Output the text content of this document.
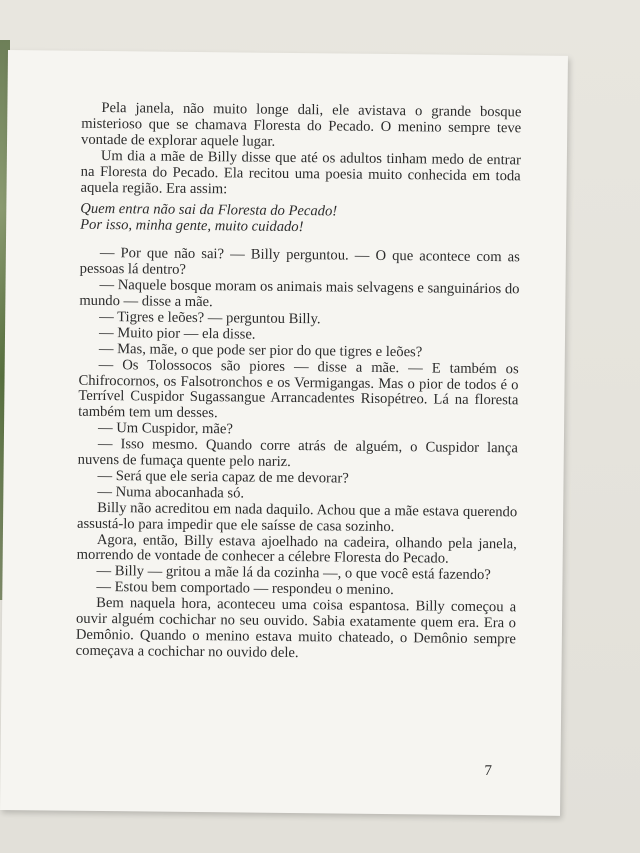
Pela janela, não muito longe dali, ele avistava o grande bosque misterioso que se chamava Floresta do Pecado. O menino sempre teve vontade de explorar aquele lugar.

Um dia a mãe de Billy disse que até os adultos tinham medo de entrar na Floresta do Pecado. Ela recitou uma poesia muito conhecida em toda aquela região. Era assim:

Quem entra não sai da Floresta do Pecado!
Por isso, minha gente, muito cuidado!

— Por que não sai? — Billy perguntou. — O que acontece com as pessoas lá dentro?

— Naquele bosque moram os animais mais selvagens e sanguinários do mundo — disse a mãe.

— Tigres e leões? — perguntou Billy.

— Muito pior — ela disse.

— Mas, mãe, o que pode ser pior do que tigres e leões?

— Os Tolossocos são piores — disse a mãe. — E também os Chifrocornos, os Falsotronchos e os Vermigangas. Mas o pior de todos é o Terrível Cuspidor Sugassangue Arrancadentes Risopétreo. Lá na floresta também tem um desses.

— Um Cuspidor, mãe?

— Isso mesmo. Quando corre atrás de alguém, o Cuspidor lança nuvens de fumaça quente pelo nariz.

— Será que ele seria capaz de me devorar?

— Numa abocanhada só.

Billy não acreditou em nada daquilo. Achou que a mãe estava querendo assustá-lo para impedir que ele saísse de casa sozinho.

Agora, então, Billy estava ajoelhado na cadeira, olhando pela janela, morrendo de vontade de conhecer a célebre Floresta do Pecado.

— Billy — gritou a mãe lá da cozinha —, o que você está fazendo?

— Estou bem comportado — respondeu o menino.

Bem naquela hora, aconteceu uma coisa espantosa. Billy começou a ouvir alguém cochichar no seu ouvido. Sabia exatamente quem era. Era o Demônio. Quando o menino estava muito chateado, o Demônio sempre começava a cochichar no ouvido dele.

7
